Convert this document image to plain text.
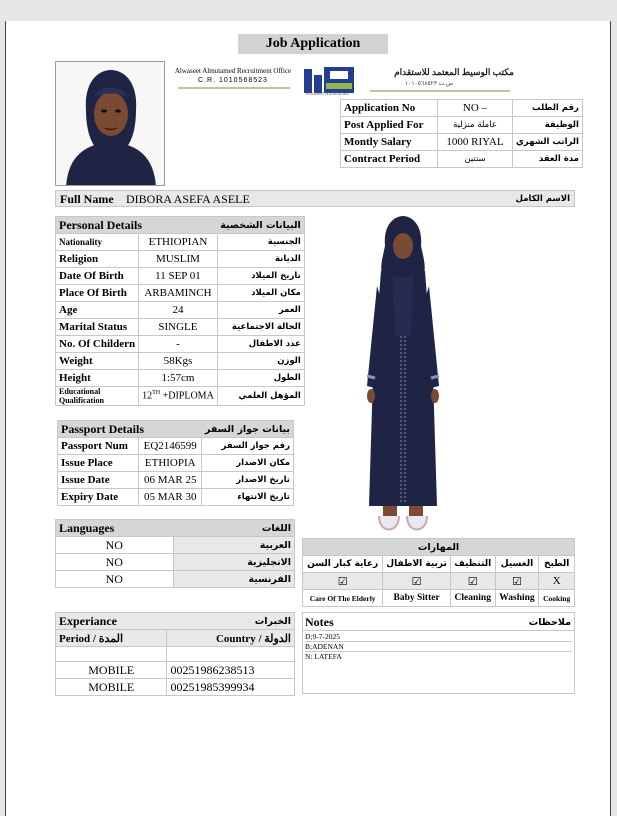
Job Application
Alwaseet Almutamed Recruitment Office
C.R. 1010568523
Alwaseet Almutamed
مكتب الوسيط المعتمد للاستقدام
س.ت ١٠١٠٥٦٨٥٢٣
Application No	NO –	رقم الطلب
Post Applied For	عاملة منزلية	الوظيفة
Montly Salary	1000 RIYAL	الراتب الشهري
Contract Period	سنتين	مدة العقد
Full Name DIBORA ASEFA ASELE	الاسم الكامل
Personal Details		البيانات الشخصية
Nationality	ETHIOPIAN	الجنسية
Religion	MUSLIM	الديانة
Date Of Birth	11 SEP 01	تاريخ الميلاد
Place Of Birth	ARBAMINCH	مكان الميلاد
Age	24	العمر
Marital Status	SINGLE	الحالة الاجتماعية
No. Of Childern	-	عدد الاطفال
Weight	58Kgs	الوزن
Height	1:57cm	الطول
Educational Qualification	12TH +DIPLOMA	المؤهل العلمي
Passport Details		بيانات جواز السفر
Passport Num	EQ2146599	رقم جواز السفر
Issue Place	ETHIOPIA	مكان الاصدار
Issue Date	06 MAR 25	تاريخ الاصدار
Expiry Date	05 MAR 30	تاريخ الانتهاء
Languages	اللغات
NO	العربية
NO	الانجليزية
NO	الفرنسية
المهارات				
رعاية كبار السن	تربية الاطفال	التنظيف	الغسيل	الطبخ
☑	☑	☑	☑	X
Care Of The Elderly	Baby Sitter	Cleaning	Washing	Cooking
Experiance	الخبرات
Period / المدة	Country / الدولة

MOBILE	00251986238513
MOBILE	00251985399934
Notes	ملاحظات
D;9-7-2025
B;ADENAN
N: LATEFA
